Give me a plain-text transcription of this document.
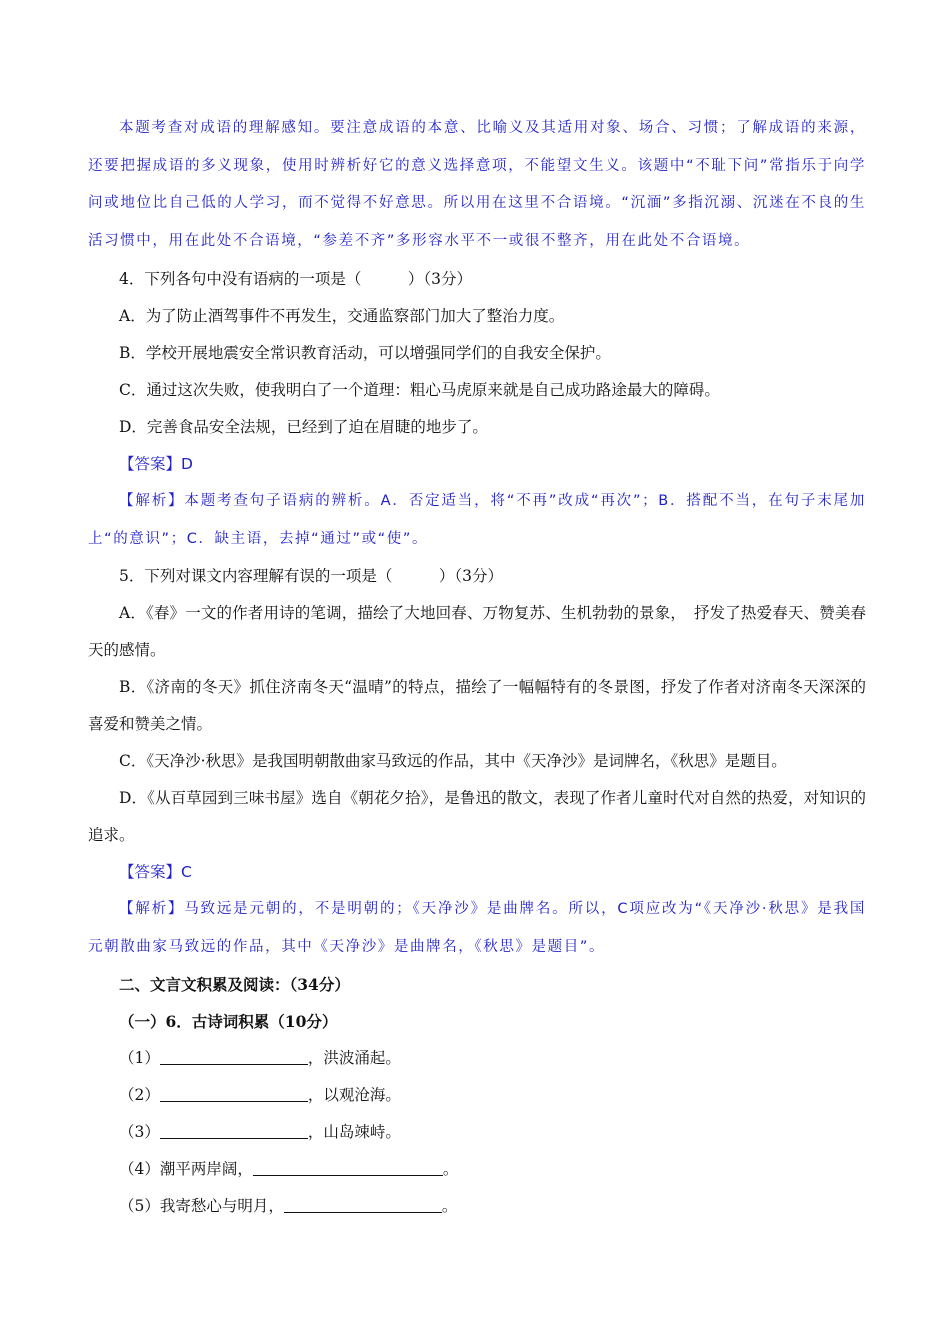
本题考查对成语的理解感知。要注意成语的本意、比喻义及其适用对象、场合、习惯；了解成语的来源，还要把握成语的多义现象，使用时辨析好它的意义选择意项，不能望文生义。该题中“不耻下问”常指乐于向学问或地位比自己低的人学习，而不觉得不好意思。所以用在这里不合语境。“沉湎”多指沉溺、沉迷在不良的生活习惯中，用在此处不合语境，“参差不齐”多形容水平不一或很不整齐，用在此处不合语境。

4．下列各句中没有语病的一项是（　　　）（3分）

A．为了防止酒驾事件不再发生，交通监察部门加大了整治力度。

B．学校开展地震安全常识教育活动，可以增强同学们的自我安全保护。

C．通过这次失败，使我明白了一个道理：粗心马虎原来就是自己成功路途最大的障碍。

D．完善食品安全法规，已经到了迫在眉睫的地步了。

【答案】D

【解析】本题考查句子语病的辨析。A．否定适当，将“不再”改成“再次”；B．搭配不当，在句子末尾加上“的意识”；C．缺主语，去掉“通过”或“使”。

5．下列对课文内容理解有误的一项是（　　　）（3分）

A．《春》一文的作者用诗的笔调，描绘了大地回春、万物复苏、生机勃勃的景象，　抒发了热爱春天、赞美春天的感情。

B．《济南的冬天》抓住济南冬天“温晴”的特点，描绘了一幅幅特有的冬景图，抒发了作者对济南冬天深深的喜爱和赞美之情。

C．《天净沙·秋思》是我国明朝散曲家马致远的作品，其中《天净沙》是词牌名，《秋思》是题目。

D．《从百草园到三味书屋》选自《朝花夕拾》，是鲁迅的散文，表现了作者儿童时代对自然的热爱，对知识的追求。

【答案】C

【解析】马致远是元朝的，不是明朝的；《天净沙》是曲牌名。所以，C项应改为“《天净沙·秋思》是我国元朝散曲家马致远的作品，其中《天净沙》是曲牌名，《秋思》是题目”。

二、文言文积累及阅读：（34分）

（一）6．古诗词积累（10分）

（1）	，洪波涌起。

（2）	，以观沧海。

（3）	，山岛竦峙。

（4）潮平两岸阔，	。

（5）我寄愁心与明月，	。
